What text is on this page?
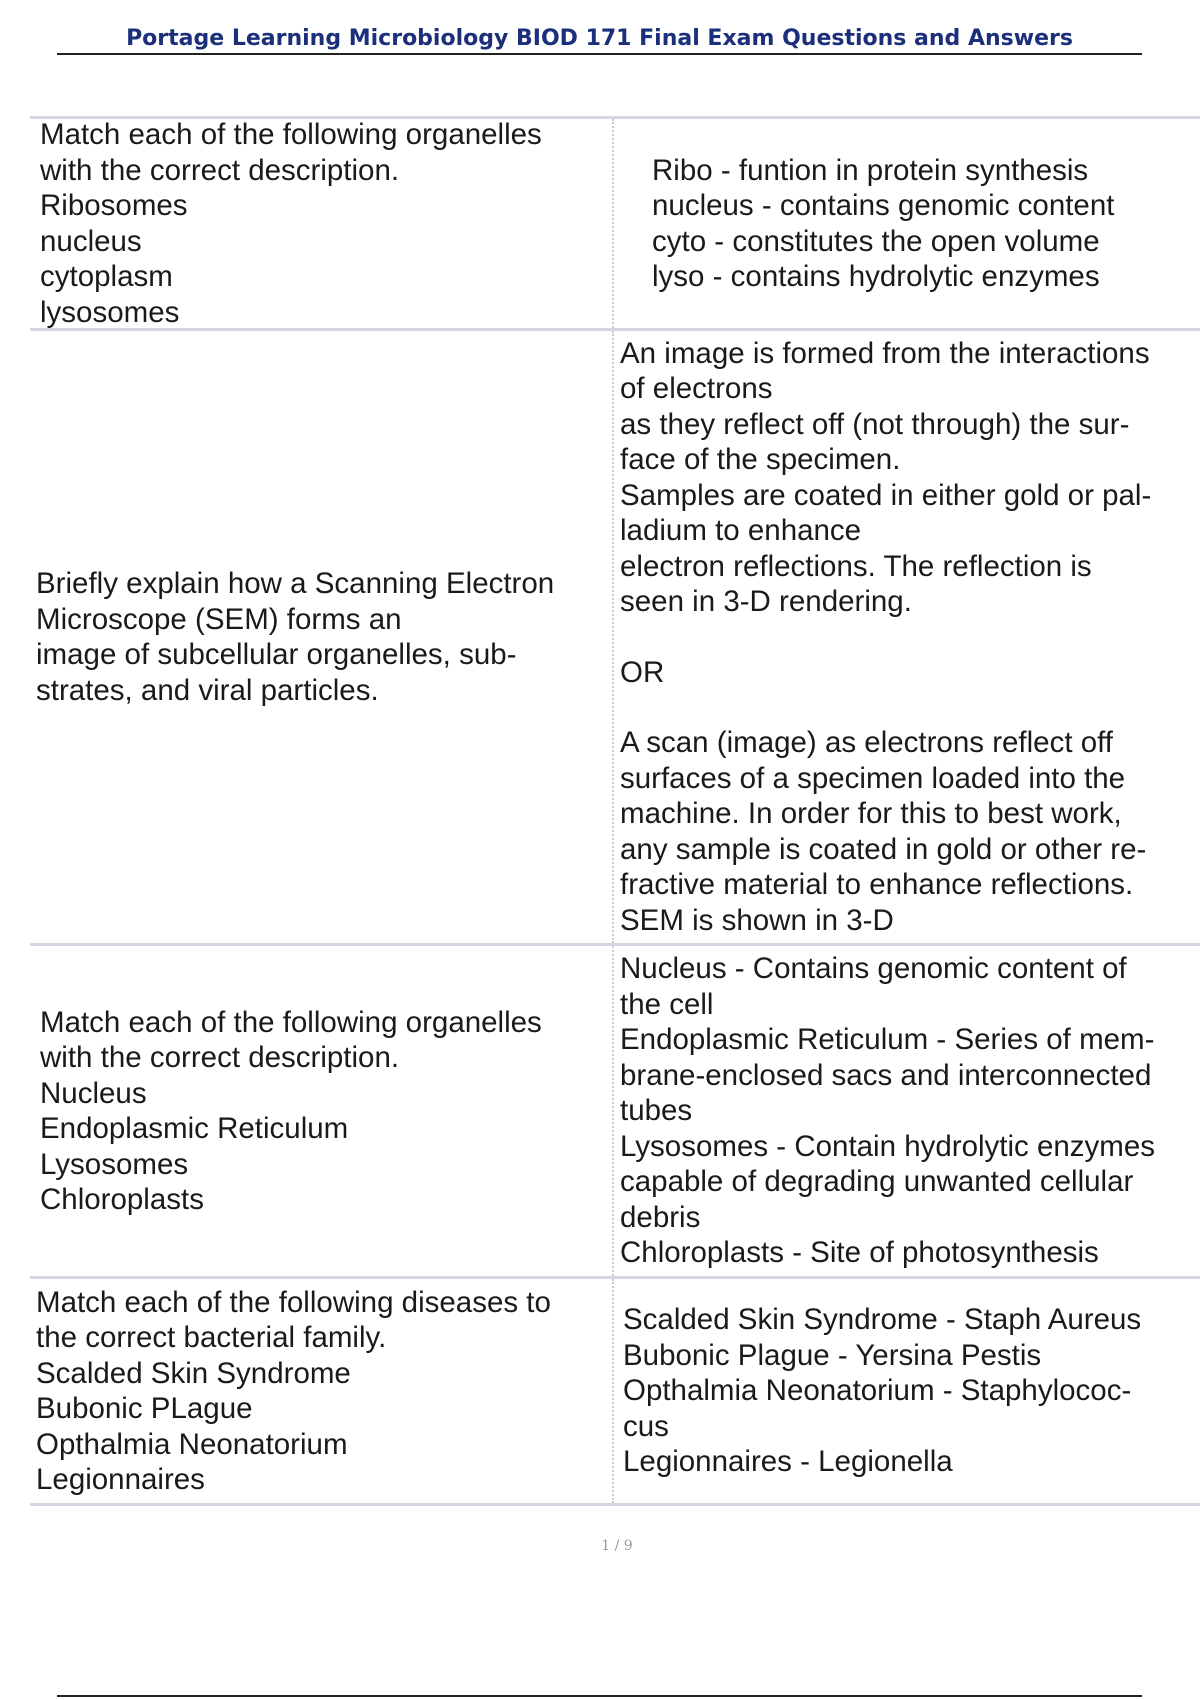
Portage Learning Microbiology BIOD 171 Final Exam Questions and Answers
Match each of the following organelles
with the correct description.
Ribosomes
nucleus
cytoplasm
lysosomes
Ribo - funtion in protein synthesis
nucleus - contains genomic content
cyto - constitutes the open volume
lyso - contains hydrolytic enzymes
Briefly explain how a Scanning Electron
Microscope (SEM) forms an
image of subcellular organelles, sub-
strates, and viral particles.
An image is formed from the interactions
of electrons
as they reflect off (not through) the sur-
face of the specimen.
Samples are coated in either gold or pal-
ladium to enhance
electron reflections. The reflection is
seen in 3-D rendering.
OR
A scan (image) as electrons reflect off
surfaces of a specimen loaded into the
machine. In order for this to best work,
any sample is coated in gold or other re-
fractive material to enhance reflections.
SEM is shown in 3-D
Match each of the following organelles
with the correct description.
Nucleus
Endoplasmic Reticulum
Lysosomes
Chloroplasts
Nucleus - Contains genomic content of
the cell
Endoplasmic Reticulum - Series of mem-
brane-enclosed sacs and interconnected
tubes
Lysosomes - Contain hydrolytic enzymes
capable of degrading unwanted cellular
debris
Chloroplasts - Site of photosynthesis
Match each of the following diseases to
the correct bacterial family.
Scalded Skin Syndrome
Bubonic PLague
Opthalmia Neonatorium
Legionnaires
Scalded Skin Syndrome - Staph Aureus
Bubonic Plague - Yersina Pestis
Opthalmia Neonatorium - Staphylococ-
cus
Legionnaires - Legionella
1 / 9
